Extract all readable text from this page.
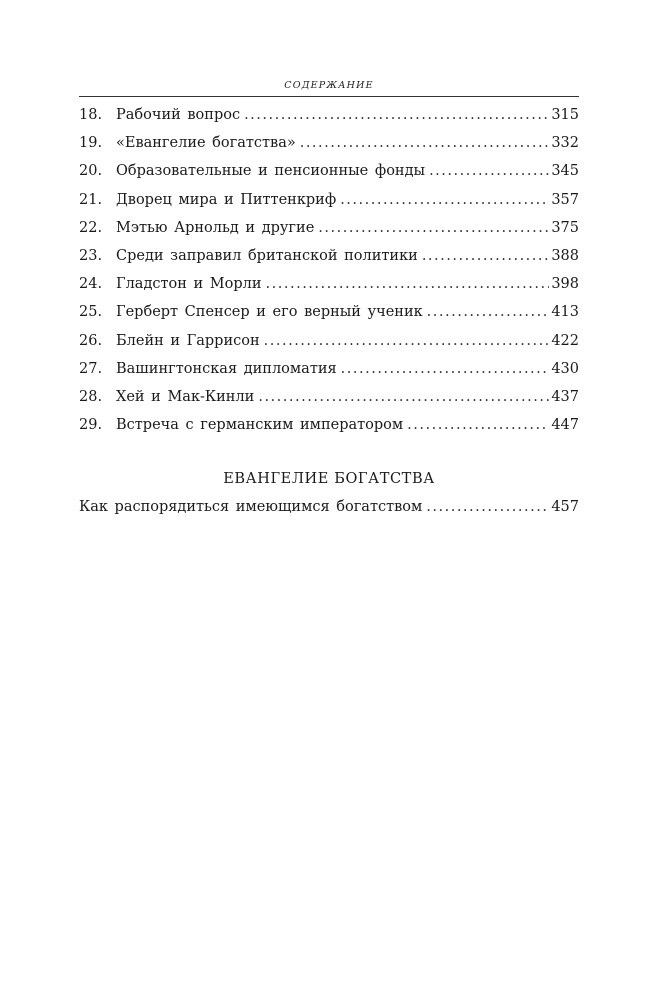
СОДЕРЖАНИЕ
18. Рабочий вопрос .....	315
19. «Евангелие богатства» .....	332
20. Образовательные и пенсионные фонды .....	345
21. Дворец мира и Питтенкриф .....	357
22. Мэтью Арнольд и другие .....	375
23. Среди заправил британской политики .....	388
24. Гладстон и Морли .....	398
25. Герберт Спенсер и его верный ученик .....	413
26. Блейн и Гаррисон .....	422
27. Вашингтонская дипломатия .....	430
28. Хей и Мак-Кинли .....	437
29. Встреча с германским императором .....	447
ЕВАНГЕЛИЕ БОГАТСТВА
Как распорядиться имеющимся богатством .....	457
